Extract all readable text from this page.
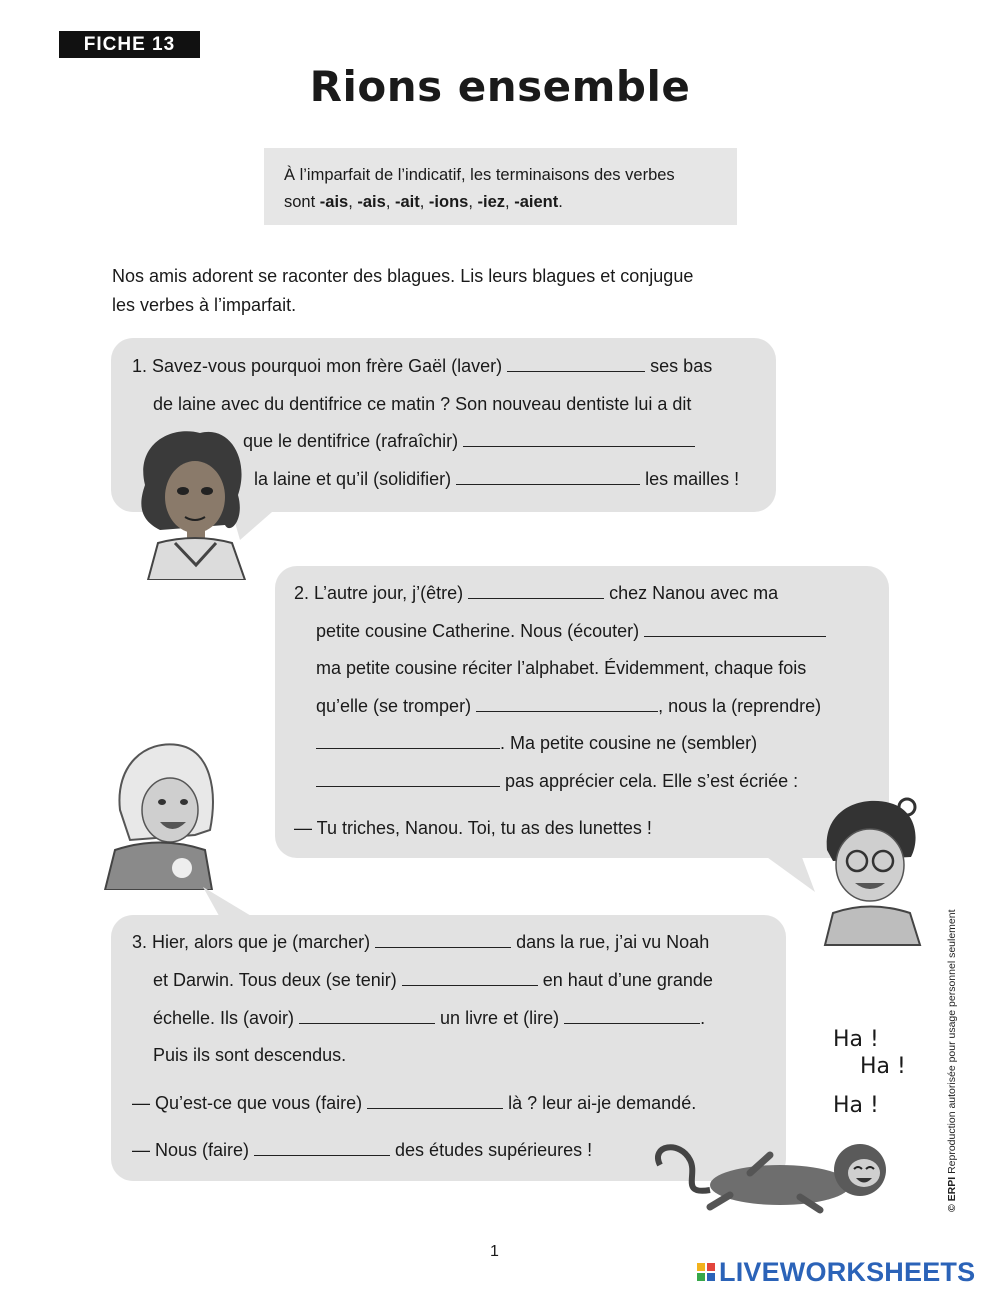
FICHE 13
Rions ensemble
À l’imparfait de l’indicatif, les terminaisons des verbes
sont -ais, -ais, -ait, -ions, -iez, -aient.
Nos amis adorent se raconter des blagues. Lis leurs blagues et conjugue
les verbes à l’imparfait.
1. Savez-vous pourquoi mon frère Gaël (laver)	ses bas
de laine avec du dentifrice ce matin ? Son nouveau dentiste lui a dit
que le dentifrice (rafraîchir)
la laine et qu’il (solidifier)	les mailles !
2. L’autre jour, j’(être)	chez Nanou avec ma
petite cousine Catherine. Nous (écouter)
ma petite cousine réciter l’alphabet. Évidemment, chaque fois
qu’elle (se tromper)	, nous la (reprendre)
. Ma petite cousine ne (sembler)
pas apprécier cela. Elle s’est écriée :
— Tu triches, Nanou. Toi, tu as des lunettes !
3. Hier, alors que je (marcher)	dans la rue, j’ai vu Noah
et Darwin. Tous deux (se tenir)	en haut d’une grande
échelle. Ils (avoir)	un livre et (lire)	.
Puis ils sont descendus.
— Qu’est-ce que vous (faire)	là ? leur ai-je demandé.
— Nous (faire)	des études supérieures !
Ha !
Ha !
Ha !
© ERPI Reproduction autorisée pour usage personnel seulement
1
LIVEWORKSHEETS
